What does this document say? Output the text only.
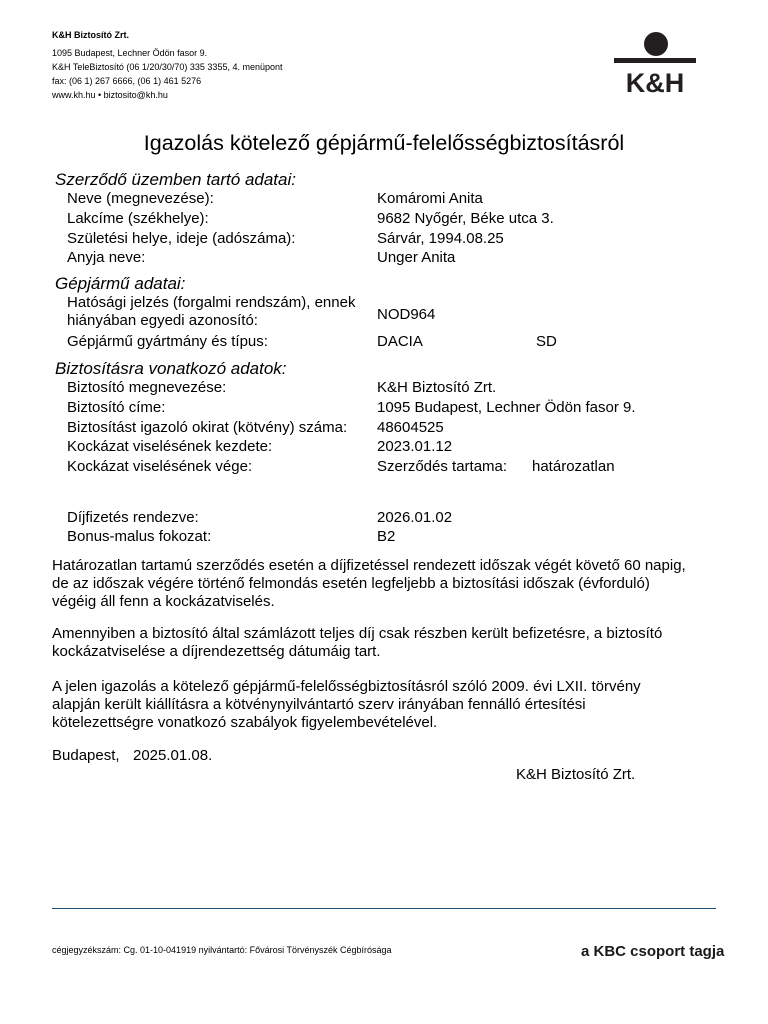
K&H Biztosító Zrt.
1095 Budapest, Lechner Ödön fasor 9.
K&H TeleBiztosító (06 1/20/30/70) 335 3355, 4. menüpont
fax: (06 1) 267 6666, (06 1) 461 5276
www.kh.hu • biztosito@kh.hu	K&H
Igazolás kötelező gépjármű-felelősségbiztosításról
Szerződő üzemben tartó adatai:
Neve (megnevezése):	Komáromi Anita
Lakcíme (székhelye):	9682 Nyőgér, Béke utca 3.
Születési helye, ideje (adószáma):	Sárvár, 1994.08.25
Anyja neve:	Unger Anita
Gépjármű adatai:
Hatósági jelzés (forgalmi rendszám), ennek
hiányában egyedi azonosító:	NOD964
Gépjármű gyártmány és típus:	DACIA	SD
Biztosításra vonatkozó adatok:
Biztosító megnevezése:	K&H Biztosító Zrt.
Biztosító címe:	1095 Budapest, Lechner Ödön fasor 9.
Biztosítást igazoló okirat (kötvény) száma: 48604525
Kockázat viselésének kezdete:	2023.01.12
Kockázat viselésének vége:	Szerződés tartama: határozatlan
Díjfizetés rendezve:	2026.01.02
Bonus-malus fokozat:	B2
Határozatlan tartamú szerződés esetén a díjfizetéssel rendezett időszak végét követő 60 napig,
de az időszak végére történő felmondás esetén legfeljebb a biztosítási időszak (évforduló)
végéig áll fenn a kockázatviselés.
Amennyiben a biztosító által számlázott teljes díj csak részben került befizetésre, a biztosító
kockázatviselése a díjrendezettség dátumáig tart.
A jelen igazolás a kötelező gépjármű-felelősségbiztosításról szóló 2009. évi LXII. törvény
alapján került kiállításra a kötvénynyilvántartó szerv irányában fennálló értesítési
kötelezettségre vonatkozó szabályok figyelembevételével.
Budapest, 2025.01.08.
K&H Biztosító Zrt.
cégjegyzékszám: Cg. 01-10-041919 nyilvántartó: Fővárosi Törvényszék Cégbírósága	a KBC csoport tagja
